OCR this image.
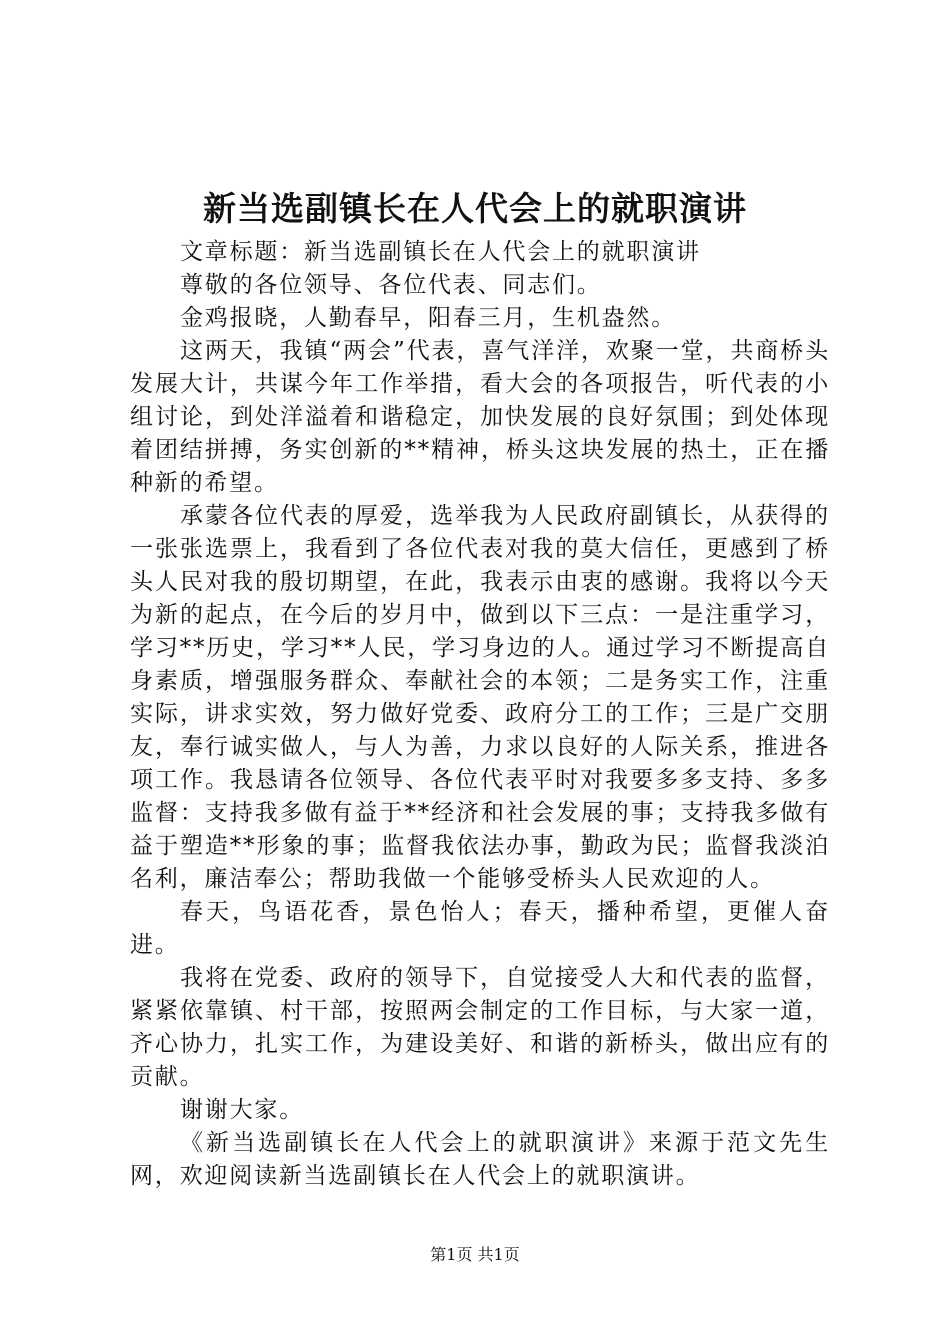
新当选副镇长在人代会上的就职演讲

文章标题：新当选副镇长在人代会上的就职演讲

尊敬的各位领导、各位代表、同志们。

金鸡报晓，人勤春早，阳春三月，生机盎然。

这两天，我镇“两会”代表，喜气洋洋，欢聚一堂，共商桥头发展大计，共谋今年工作举措，看大会的各项报告，听代表的小组讨论，到处洋溢着和谐稳定，加快发展的良好氛围；到处体现着团结拼搏，务实创新的**精神，桥头这块发展的热土，正在播种新的希望。

承蒙各位代表的厚爱，选举我为人民政府副镇长，从获得的一张张选票上，我看到了各位代表对我的莫大信任，更感到了桥头人民对我的殷切期望，在此，我表示由衷的感谢。我将以今天为新的起点，在今后的岁月中，做到以下三点：一是注重学习，学习**历史，学习**人民，学习身边的人。通过学习不断提高自身素质，增强服务群众、奉献社会的本领；二是务实工作，注重实际，讲求实效，努力做好党委、政府分工的工作；三是广交朋友，奉行诚实做人，与人为善，力求以良好的人际关系，推进各项工作。我恳请各位领导、各位代表平时对我要多多支持、多多监督：支持我多做有益于**经济和社会发展的事；支持我多做有益于塑造**形象的事；监督我依法办事，勤政为民；监督我淡泊名利，廉洁奉公；帮助我做一个能够受桥头人民欢迎的人。

春天，鸟语花香，景色怡人；春天，播种希望，更催人奋进。

我将在党委、政府的领导下，自觉接受人大和代表的监督，紧紧依靠镇、村干部，按照两会制定的工作目标，与大家一道，齐心协力，扎实工作，为建设美好、和谐的新桥头，做出应有的贡献。

谢谢大家。

《新当选副镇长在人代会上的就职演讲》来源于范文先生网，欢迎阅读新当选副镇长在人代会上的就职演讲。

第1页 共1页
